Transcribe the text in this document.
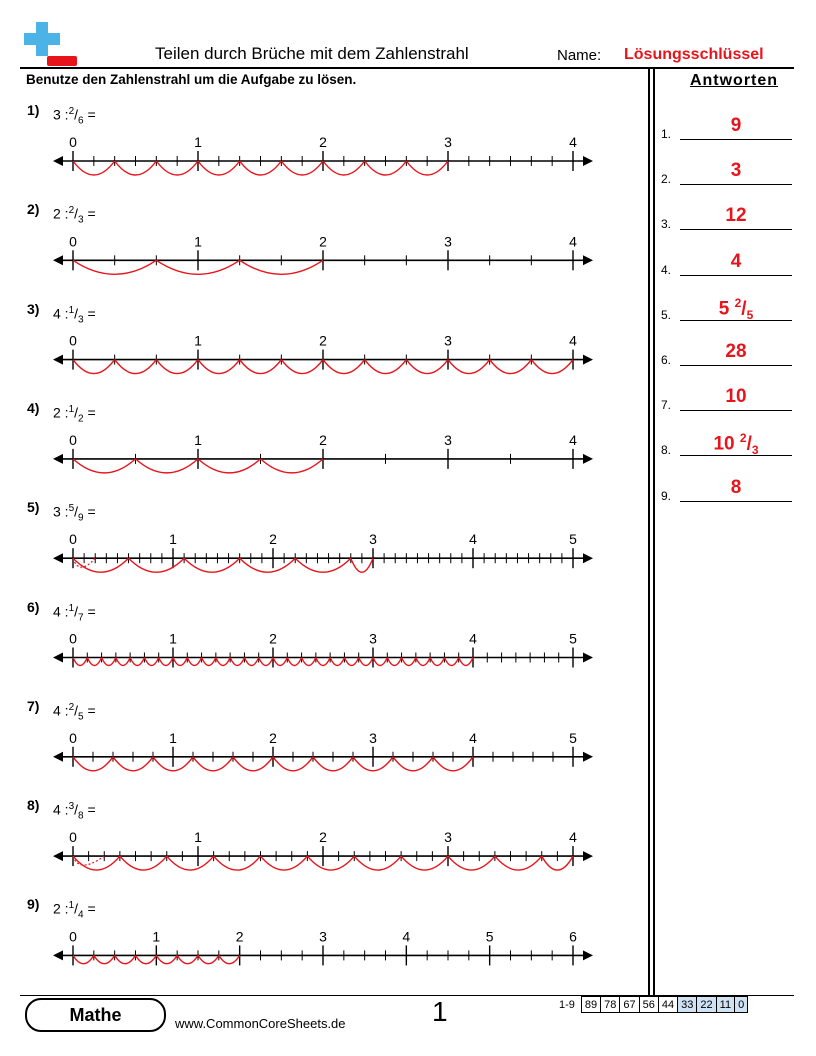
Teilen durch Brüche mit dem Zahlenstrahl	Name: Lösungsschlüssel
Benutze den Zahlenstrahl um die Aufgabe zu lösen.	Antworten
1) 3 $:^2/_6$ =
2) 2 $:^2/_3$ =
3) 4 $:^1/_3$ =
4) 2 $:^1/_2$ =
5) 3 $:^5/_9$ =
6) 4 $:^1/_7$ =
7) 4 $:^2/_5$ =
8) 4 $:^3/_8$ =
9) 2 $:^1/_4$ =
0	1	2	3	4
0	1	2	3	4
0	1	2	3	4
0	1	2	3	4
0	1	2	3	4	5
0	1	2	3	4	5
0	1	2	3	4	5
0	1	2	3	4
0	1	2	3	4	5	6
1.	9
2.	3
3.	12
4.	4
5.	5 $^2/_5$
6.	28
7.	10
8.	10 $^2/_3$
9.	8
Mathe	www.CommonCoreSheets.de	1	1-9	89	78	67	56	44	33	22	11	0
